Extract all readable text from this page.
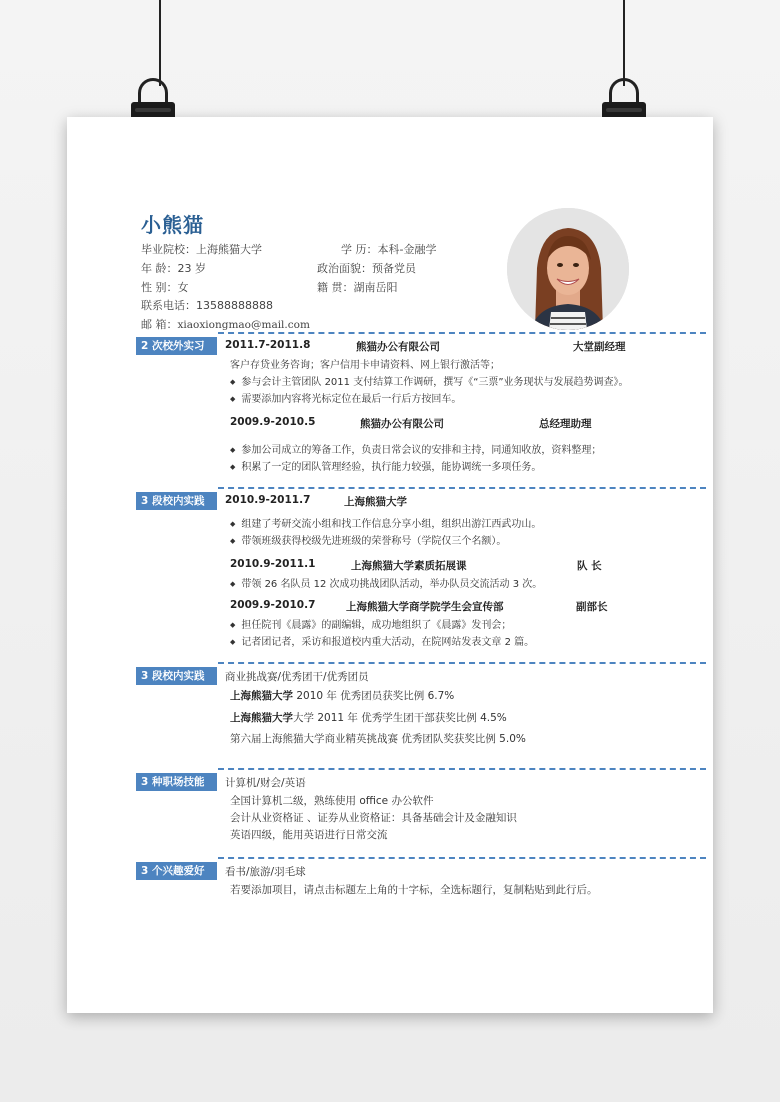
小熊猫
毕业院校：上海熊猫大学	学 历：本科-金融学
年 龄：23 岁	政治面貌：预备党员
性 别：女	籍 贯：湖南岳阳
联系电话：13588888888
邮 箱：xiaoxiongmao@mail.com
2 次校外实习	2011.7-2011.8	熊猫办公有限公司	大堂副经理
客户存贷业务咨询；客户信用卡申请资料、网上银行激活等；
◆ 参与会计主管团队 2011 支付结算工作调研，撰写《“三票”业务现状与发展趋势调查》。
◆ 需要添加内容将光标定位在最后一行后方按回车。
2009.9-2010.5	熊猫办公有限公司	总经理助理
◆ 参加公司成立的筹备工作，负责日常会议的安排和主持，同通知收放，资料整理；
◆ 积累了一定的团队管理经验，执行能力较强，能协调统一多项任务。
3 段校内实践	2010.9-2011.7	上海熊猫大学
◆ 组建了考研交流小组和找工作信息分享小组，组织出游江西武功山。
◆ 带领班级获得校级先进班级的荣誉称号（学院仅三个名额）。
2010.9-2011.1	上海熊猫大学素质拓展课	队 长
◆ 带领 26 名队员 12 次成功挑战团队活动，举办队员交流活动 3 次。
2009.9-2010.7	上海熊猫大学商学院学生会宣传部	副部长
◆ 担任院刊《晨露》的副编辑，成功地组织了《晨露》发刊会；
◆ 记者团记者，采访和报道校内重大活动，在院网站发表文章 2 篇。
3 段校内实践	商业挑战赛/优秀团干/优秀团员
上海熊猫大学 2010 年 优秀团员获奖比例 6.7%
上海熊猫大学大学 2011 年 优秀学生团干部获奖比例 4.5%
第六届上海熊猫大学商业精英挑战赛 优秀团队奖获奖比例 5.0%
3 种职场技能	计算机/财会/英语
全国计算机二级，熟练使用 office 办公软件
会计从业资格证 、证券从业资格证：具备基础会计及金融知识
英语四级，能用英语进行日常交流
3 个兴趣爱好	看书/旅游/羽毛球
若要添加项目，请点击标题左上角的十字标，全选标题行，复制粘贴到此行后。
